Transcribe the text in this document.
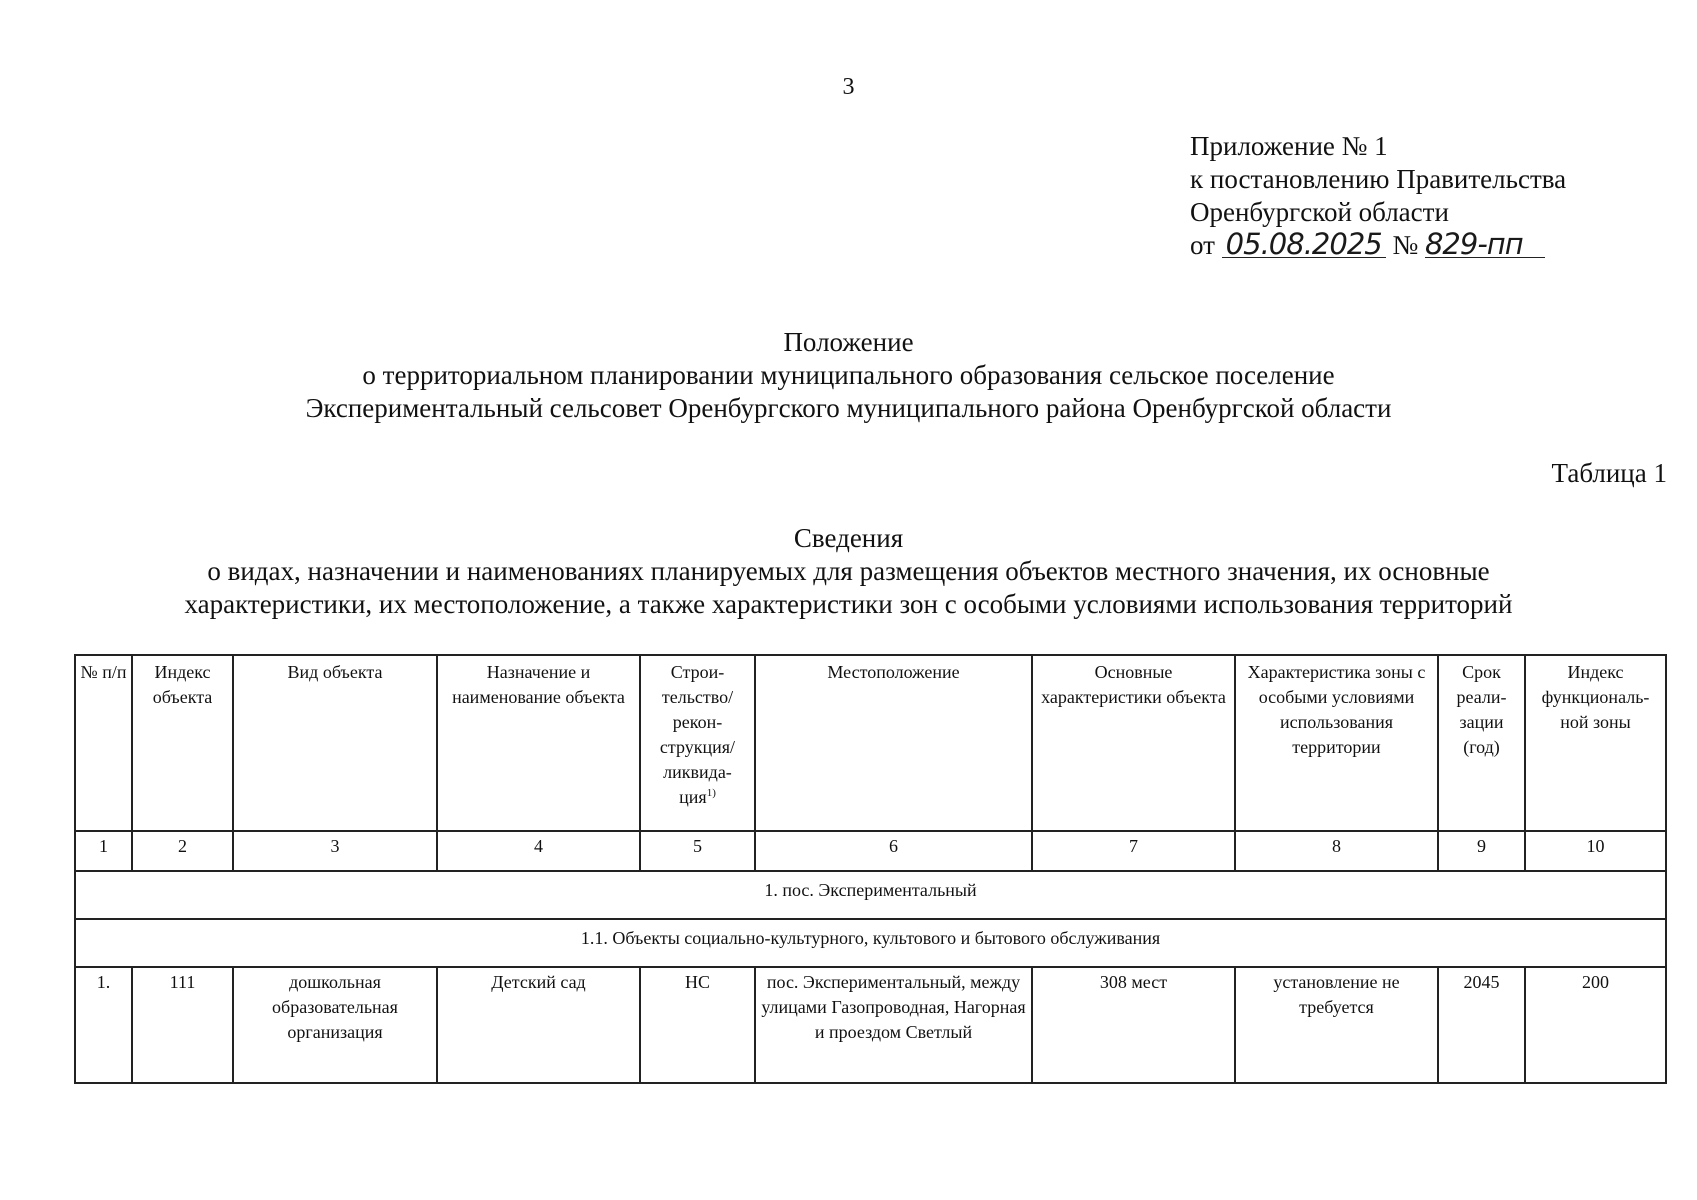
3
Приложение № 1
к постановлению Правительства
Оренбургской области
от 05.08.2025 № 829-пп
Положение
о территориальном планировании муниципального образования сельское поселение
Экспериментальный сельсовет Оренбургского муниципального района Оренбургской области
Таблица 1
Сведения
о видах, назначении и наименованиях планируемых для размещения объектов местного значения, их основные
характеристики, их местоположение, а также характеристики зон с особыми условиями использования территорий
№ п/п	Индекс объекта	Вид объекта	Назначение и наименование объекта	Строи-тельство/ рекон-струкция/ ликвида-ция$^{1)}$	Местоположение	Основные характеристики объекта	Характеристика зоны с особыми условиями использования территории	Срок реали-зации (год)	Индекс функциональ-ной зоны
1	2	3	4	5	6	7	8	9	10
1. пос. Экспериментальный									
1.1. Объекты социально-культурного, культового и бытового обслуживания									
1.	111	дошкольная образовательная организация	Детский сад	НС	пос. Экспериментальный, между улицами Газопроводная, Нагорная и проездом Светлый	308 мест	установление не требуется	2045	200
